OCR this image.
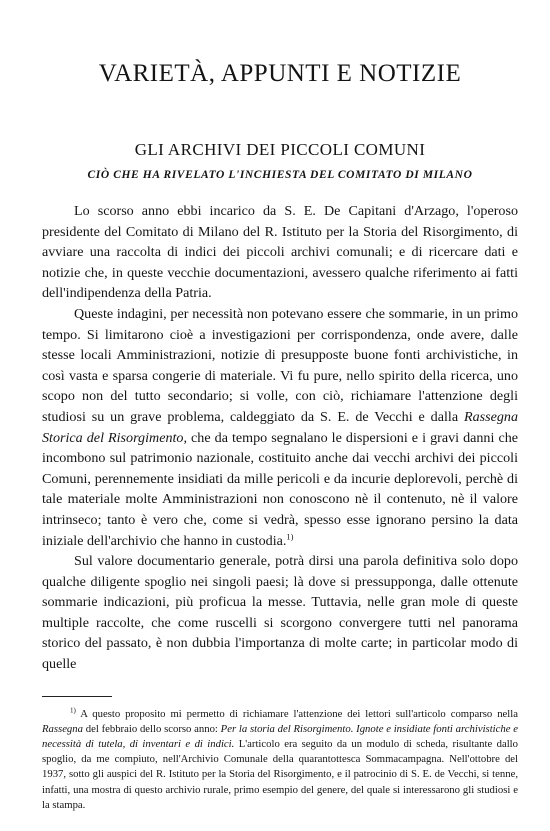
VARIETÀ, APPUNTI E NOTIZIE
GLI ARCHIVI DEI PICCOLI COMUNI
CIÒ CHE HA RIVELATO L'INCHIESTA DEL COMITATO DI MILANO

Lo scorso anno ebbi incarico da S. E. De Capitani d'Arzago, l'operoso presidente del Comitato di Milano del R. Istituto per la Storia del Risorgimento, di avviare una raccolta di indici dei piccoli archivi comunali; e di ricercare dati e notizie che, in queste vecchie documentazioni, avessero qualche riferimento ai fatti dell'indipendenza della Patria.

Queste indagini, per necessità non potevano essere che sommarie, in un primo tempo. Si limitarono cioè a investigazioni per corrispondenza, onde avere, dalle stesse locali Amministrazioni, notizie di presupposte buone fonti archivistiche, in così vasta e sparsa congerie di materiale. Vi fu pure, nello spirito della ricerca, uno scopo non del tutto secondario; si volle, con ciò, richiamare l'attenzione degli studiosi su un grave problema, caldeggiato da S. E. de Vecchi e dalla Rassegna Storica del Risorgimento, che da tempo segnalano le dispersioni e i gravi danni che incombono sul patrimonio nazionale, costituito anche dai vecchi archivi dei piccoli Comuni, perennemente insidiati da mille pericoli e da incurie deplorevoli, perchè di tale materiale molte Amministrazioni non conoscono nè il contenuto, nè il valore intrinseco; tanto è vero che, come si vedrà, spesso esse ignorano persino la data iniziale dell'archivio che hanno in custodia.$^{1)}$

Sul valore documentario generale, potrà dirsi una parola definitiva solo dopo qualche diligente spoglio nei singoli paesi; là dove si pressupponga, dalle ottenute sommarie indicazioni, più proficua la messe. Tuttavia, nelle gran mole di queste multiple raccolte, che come ruscelli si scorgono convergere tutti nel panorama storico del passato, è non dubbia l'importanza di molte carte; in particolar modo di quelle

$^{1)}$ A questo proposito mi permetto di richiamare l'attenzione dei lettori sull'articolo comparso nella Rassegna del febbraio dello scorso anno: Per la storia del Risorgimento. Ignote e insidiate fonti archivistiche e necessità di tutela, di inventari e di indici. L'articolo era seguito da un modulo di scheda, risultante dallo spoglio, da me compiuto, nell'Archivio Comunale della quarantottesca Sommacampagna. Nell'ottobre del 1937, sotto gli auspici del R. Istituto per la Storia del Risorgimento, e il patrocinio di S. E. de Vecchi, si tenne, infatti, una mostra di questo archivio rurale, primo esempio del genere, del quale si interessarono gli studiosi e la stampa.
